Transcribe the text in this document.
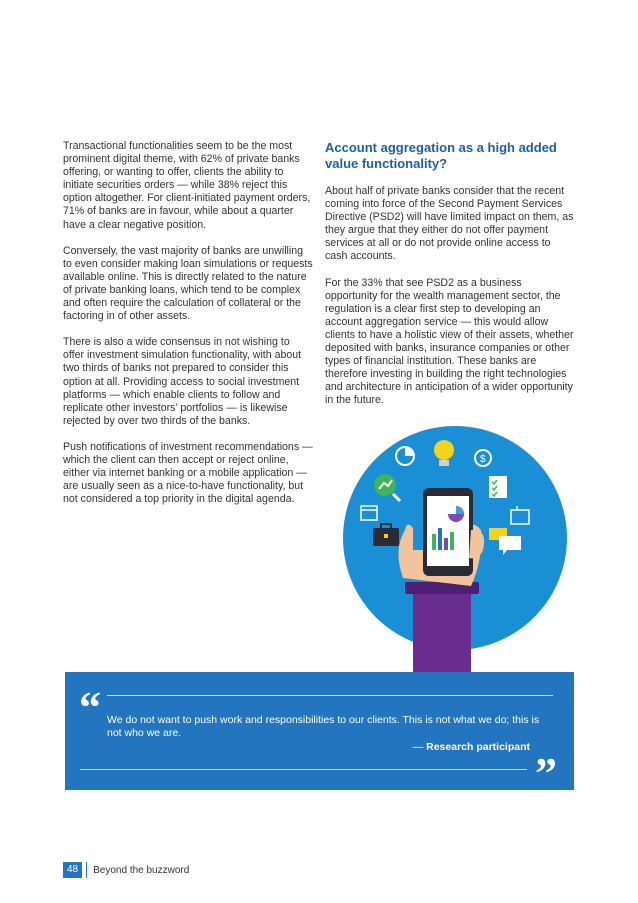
Transactional functionalities seem to be the most prominent digital theme, with 62% of private banks offering, or wanting to offer, clients the ability to initiate securities orders — while 38% reject this option altogether. For client-initiated payment orders, 71% of banks are in favour, while about a quarter have a clear negative position.

Conversely, the vast majority of banks are unwilling to even consider making loan simulations or requests available online. This is directly related to the nature of private banking loans, which tend to be complex and often require the calculation of collateral or the factoring in of other assets.

There is also a wide consensus in not wishing to offer investment simulation functionality, with about two thirds of banks not prepared to consider this option at all. Providing access to social investment platforms — which enable clients to follow and replicate other investors’ portfolios — is likewise rejected by over two thirds of the banks.

Push notifications of investment recommendations — which the client can then accept or reject online, either via internet banking or a mobile application — are usually seen as a nice-to-have functionality, but not considered a top priority in the digital agenda.

Account aggregation as a high added value functionality?

About half of private banks consider that the recent coming into force of the Second Payment Services Directive (PSD2) will have limited impact on them, as they argue that they either do not offer payment services at all or do not provide online access to cash accounts.

For the 33% that see PSD2 as a business opportunity for the wealth management sector, the regulation is a clear first step to developing an account aggregation service — this would allow clients to have a holistic view of their assets, whether deposited with banks, insurance companies or other types of financial institution. These banks are therefore investing in building the right technologies and architecture in anticipation of a wider opportunity in the future.

$
“ We do not want to push work and responsibilities to our clients. This is not what we do; this is not who we are.
— Research participant
”
48	Beyond the buzzword
